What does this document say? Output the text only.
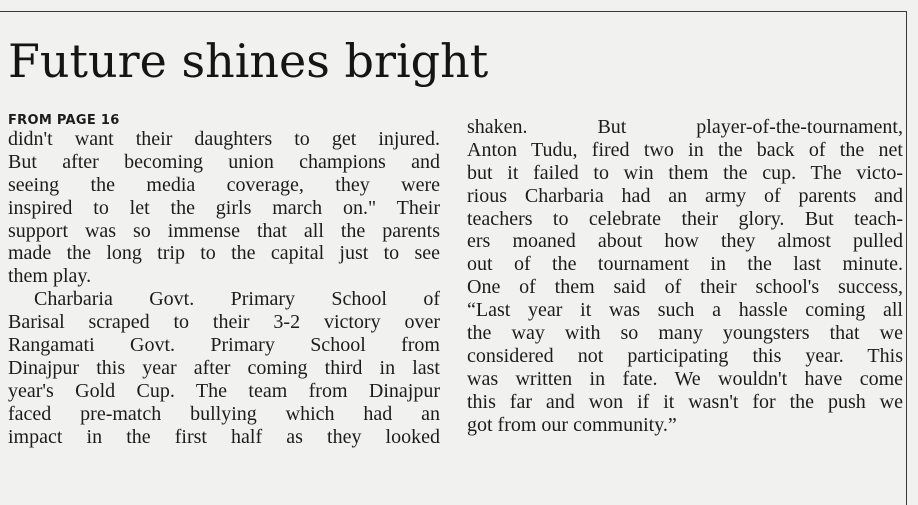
Future shines bright
FROM PAGE 16
didn't want their daughters to get injured.
But after becoming union champions and
seeing the media coverage, they were
inspired to let the girls march on." Their
support was so immense that all the parents
made the long trip to the capital just to see
them play.
Charbaria Govt. Primary School of
Barisal scraped to their 3-2 victory over
Rangamati Govt. Primary School from
Dinajpur this year after coming third in last
year's Gold Cup. The team from Dinajpur
faced pre-match bullying which had an
impact in the first half as they looked
shaken. But player-of-the-tournament,
Anton Tudu, fired two in the back of the net
but it failed to win them the cup. The victo-
rious Charbaria had an army of parents and
teachers to celebrate their glory. But teach-
ers moaned about how they almost pulled
out of the tournament in the last minute.
One of them said of their school's success,
“Last year it was such a hassle coming all
the way with so many youngsters that we
considered not participating this year. This
was written in fate. We wouldn't have come
this far and won if it wasn't for the push we
got from our community.”
